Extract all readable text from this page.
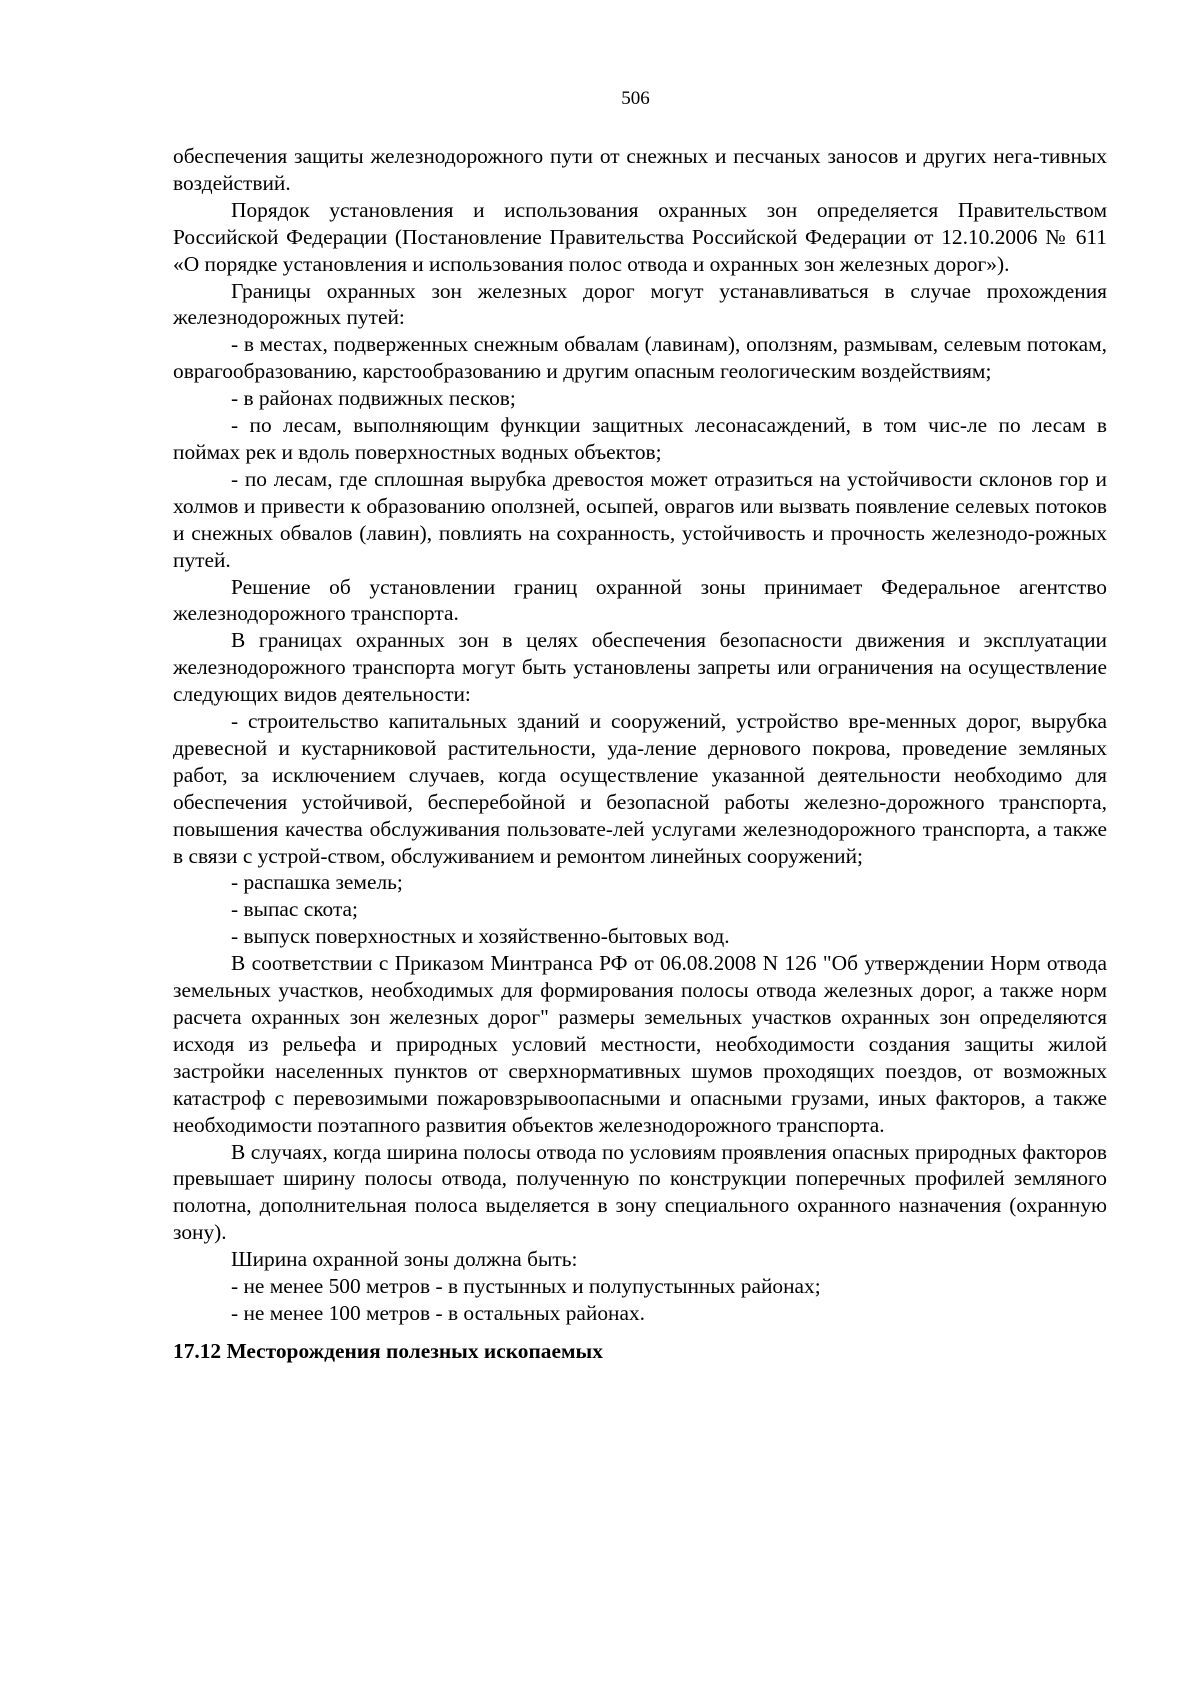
506

обеспечения защиты железнодорожного пути от снежных и песчаных заносов и других нега-тивных воздействий.

Порядок установления и использования охранных зон определяется Правительством Российской Федерации (Постановление Правительства Российской Федерации от 12.10.2006 № 611 «О порядке установления и использования полос отвода и охранных зон железных дорог»).

Границы охранных зон железных дорог могут устанавливаться в случае прохождения железнодорожных путей:

- в местах, подверженных снежным обвалам (лавинам), оползням, размывам, селевым потокам, оврагообразованию, карстообразованию и другим опасным геологическим воздействиям;

- в районах подвижных песков;

- по лесам, выполняющим функции защитных лесонасаждений, в том чис-ле по лесам в поймах рек и вдоль поверхностных водных объектов;

- по лесам, где сплошная вырубка древостоя может отразиться на устойчивости склонов гор и холмов и привести к образованию оползней, осыпей, оврагов или вызвать появление селевых потоков и снежных обвалов (лавин), повлиять на сохранность, устойчивость и прочность железнодо-рожных путей.

Решение об установлении границ охранной зоны принимает Федеральное агентство железнодорожного транспорта.

В границах охранных зон в целях обеспечения безопасности движения и эксплуатации железнодорожного транспорта могут быть установлены запреты или ограничения на осуществление следующих видов деятельности:

- строительство капитальных зданий и сооружений, устройство вре-менных дорог, вырубка древесной и кустарниковой растительности, уда-ление дернового покрова, проведение земляных работ, за исключением случаев, когда осуществление указанной деятельности необходимо для обеспечения устойчивой, бесперебойной и безопасной работы железно-дорожного транспорта, повышения качества обслуживания пользовате-лей услугами железнодорожного транспорта, а также в связи с устрой-ством, обслуживанием и ремонтом линейных сооружений;

- распашка земель;

- выпас скота;

- выпуск поверхностных и хозяйственно-бытовых вод.

В соответствии с Приказом Минтранса РФ от 06.08.2008 N 126 "Об утверждении Норм отвода земельных участков, необходимых для формирования полосы отвода железных дорог, а также норм расчета охранных зон железных дорог" размеры земельных участков охранных зон определяются исходя из рельефа и природных условий местности, необходимости создания защиты жилой застройки населенных пунктов от сверхнормативных шумов проходящих поездов, от возможных катастроф с перевозимыми пожаровзрывоопасными и опасными грузами, иных факторов, а также необходимости поэтапного развития объектов железнодорожного транспорта.

В случаях, когда ширина полосы отвода по условиям проявления опасных природных факторов превышает ширину полосы отвода, полученную по конструкции поперечных профилей земляного полотна, дополнительная полоса выделяется в зону специального охранного назначения (охранную зону).

Ширина охранной зоны должна быть:

- не менее 500 метров - в пустынных и полупустынных районах;

- не менее 100 метров - в остальных районах.

17.12 Месторождения полезных ископаемых
